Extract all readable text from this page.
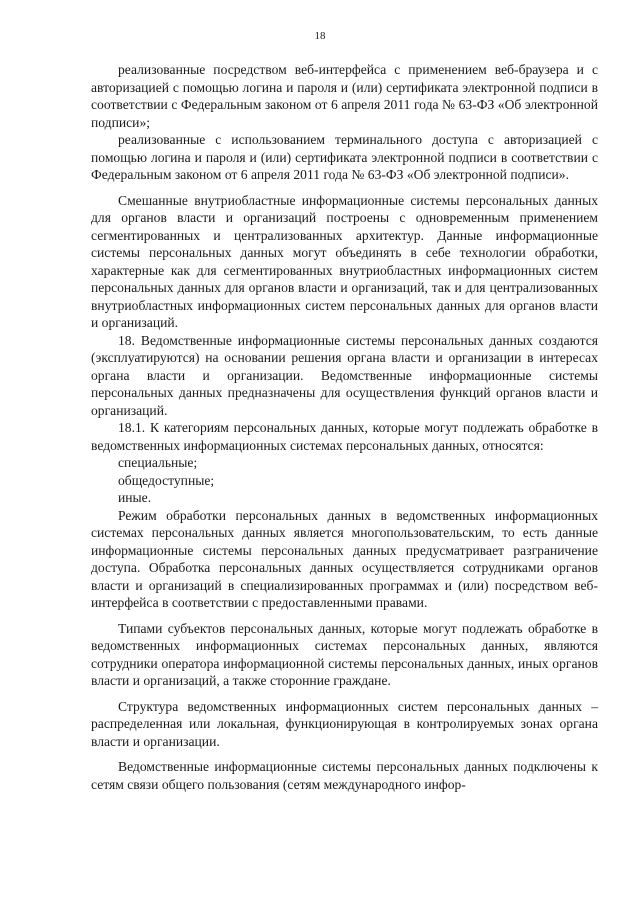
18

реализованные посредством веб-интерфейса с применением веб-браузера и с авторизацией с помощью логина и пароля и (или) сертификата электронной подписи в соответствии с Федеральным законом от 6 апреля 2011 года № 63-ФЗ «Об электронной подписи»;

реализованные с использованием терминального доступа с авторизацией с помощью логина и пароля и (или) сертификата электронной подписи в соответствии с Федеральным законом от 6 апреля 2011 года № 63-ФЗ «Об электронной подписи».

Смешанные внутриобластные информационные системы персональных данных для органов власти и организаций построены с одновременным применением сегментированных и централизованных архитектур. Данные информационные системы персональных данных могут объединять в себе технологии обработки, характерные как для сегментированных внутриобластных информационных систем персональных данных для органов власти и организаций, так и для централизованных внутриобластных информационных систем персональных данных для органов власти и организаций.

18. Ведомственные информационные системы персональных данных создаются (эксплуатируются) на основании решения органа власти и организации в интересах органа власти и организации. Ведомственные информационные системы персональных данных предназначены для осуществления функций органов власти и организаций.

18.1. К категориям персональных данных, которые могут подлежать обработке в ведомственных информационных системах персональных данных, относятся:

специальные;
общедоступные;
иные.

Режим обработки персональных данных в ведомственных информационных системах персональных данных является многопользовательским, то есть данные информационные системы персональных данных предусматривает разграничение доступа. Обработка персональных данных осуществляется сотрудниками органов власти и организаций в специализированных программах и (или) посредством веб-интерфейса в соответствии с предоставленными правами.

Типами субъектов персональных данных, которые могут подлежать обработке в ведомственных информационных системах персональных данных, являются сотрудники оператора информационной системы персональных данных, иных органов власти и организаций, а также сторонние граждане.

Структура ведомственных информационных систем персональных данных – распределенная или локальная, функционирующая в контролируемых зонах органа власти и организации.

Ведомственные информационные системы персональных данных подключены к сетям связи общего пользования (сетям международного инфор-
